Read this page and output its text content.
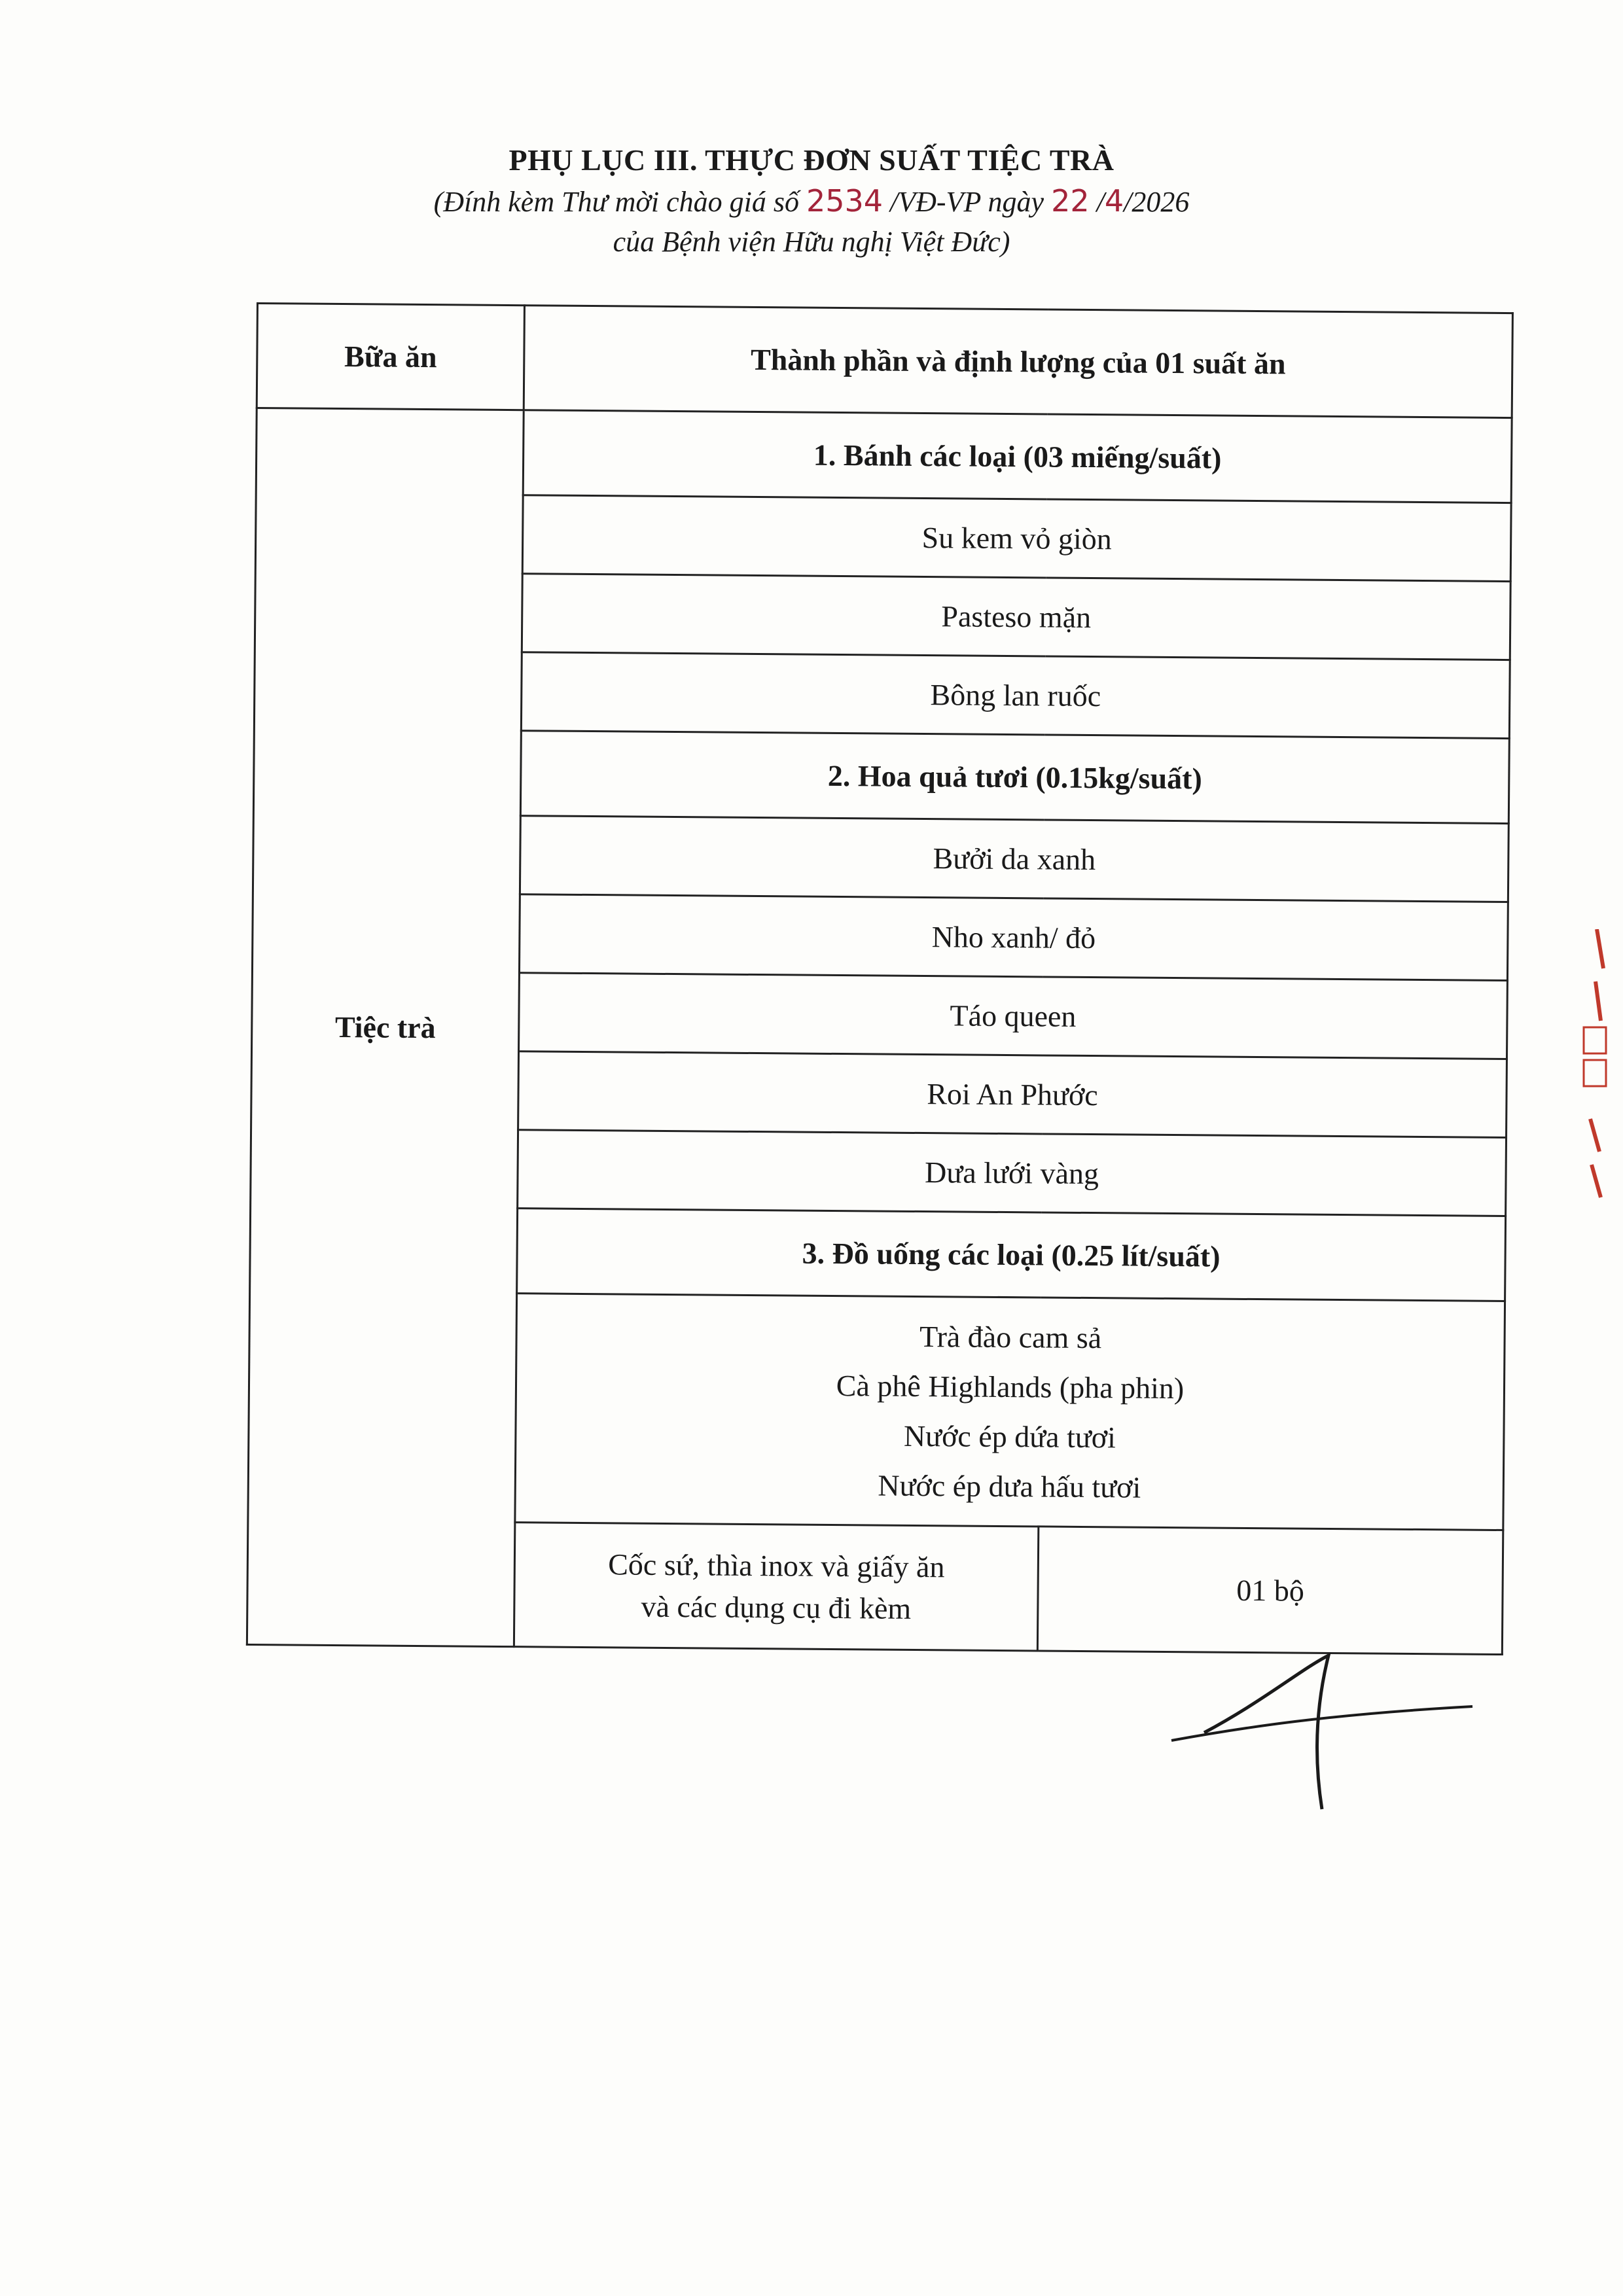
PHỤ LỤC III. THỰC ĐƠN SUẤT TIỆC TRÀ
(Đính kèm Thư mời chào giá số 2534 /VĐ-VP ngày 22 /4/2026
của Bệnh viện Hữu nghị Việt Đức)
Bữa ăn	Thành phần và định lượng của 01 suất ăn	
Tiệc trà	1. Bánh các loại (03 miếng/suất)	
	Su kem vỏ giòn	
	Pasteso mặn	
	Bông lan ruốc	
	2. Hoa quả tươi (0.15kg/suất)	
	Bưởi da xanh	
	Nho xanh/ đỏ	
	Táo queen	
	Roi An Phước	
	Dưa lưới vàng	
	3. Đồ uống các loại (0.25 lít/suất)	

	Trà đào cam sả
Cà phê Highlands (pha phin)
Nước ép dứa tươi
Nước ép dưa hấu tươi	

	Cốc sứ, thìa inox và giấy ăn
và các dụng cụ đi kèm	01 bộ
